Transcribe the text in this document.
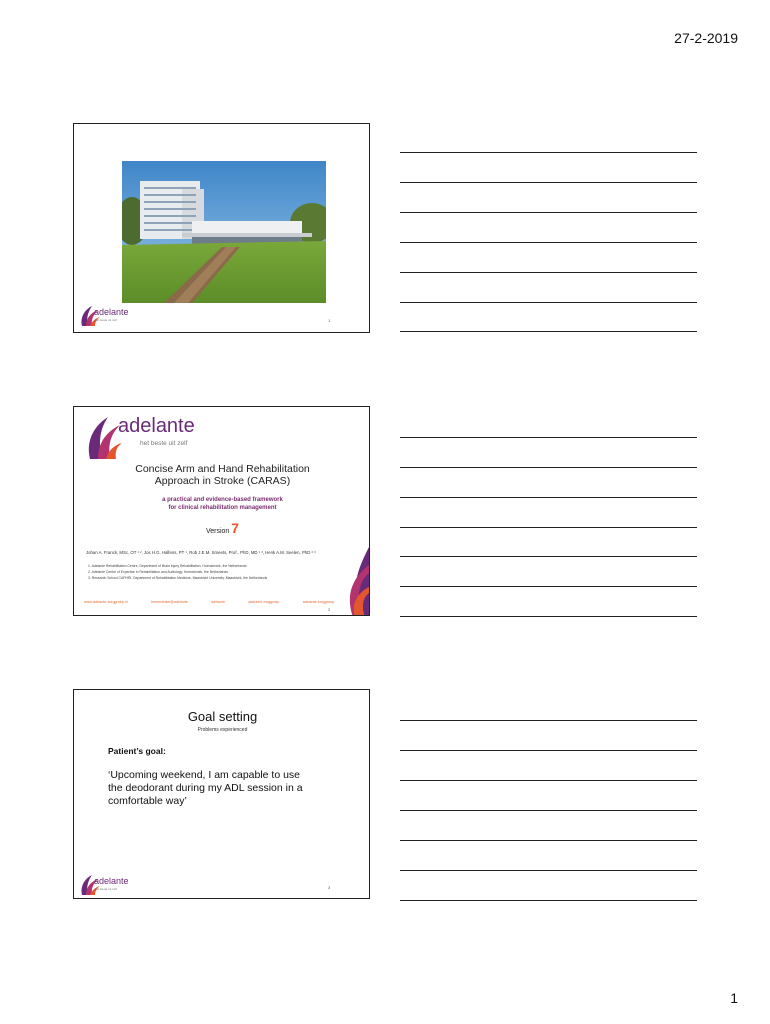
27-2-2019
adelante
het beste uit zelf	1
adelante
het beste uit zelf
Concise Arm and Hand Rehabilitation
Approach in Stroke (CARAS)
a practical and evidence-based framework
for clinical rehabilitation management
Version 7
Johan A. Franck, MSc, OT ¹ ², Jos H.G. Halfens, PT ¹, Rob J.E.M. Smeets, Prof., PhD, MD ¹ ³, Henk A.M. Seelen, PhD ² ³
1. Adelante Rehabilitation Centre, Department of Brain Injury Rehabilitation, Hoensbroek, the Netherlands
2. Adelante Centre of Expertise in Rehabilitation and Audiology, Hoensbroek, the Netherlands
3. Research School CAPHRI, Department of Rehabilitation Medicine, Maastricht University, Maastricht, the Netherlands
www.adelante-zorggroep.nl	hersenletsel@adelante	adelante	adelante zorggroep	adelante-zorggroep
2
Goal setting
Problems experienced
Patient’s goal:
‘Upcoming weekend, I am capable to use
the deodorant during my ADL session in a
comfortable way’
adelante
het beste uit zelf	3
1
